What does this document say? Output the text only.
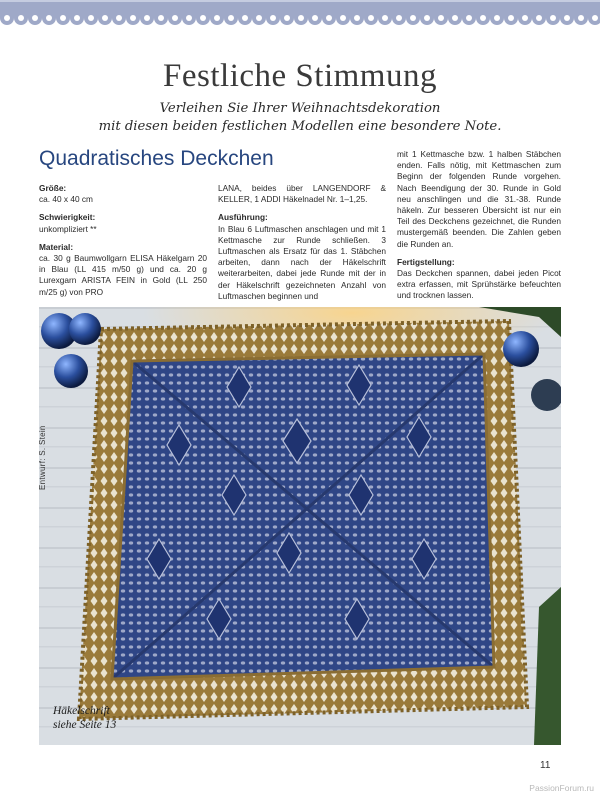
Festliche Stimmung
Verleihen Sie Ihrer Weihnachtsdekoration
mit diesen beiden festlichen Modellen eine besondere Note.
Quadratisches Deckchen

Größe:

ca. 40 x 40 cm

Schwierigkeit:

unkompliziert **

Material:

ca. 30 g Baumwollgarn ELISA Häkelgarn 20 in Blau (LL 415 m/50 g) und ca. 20 g Lurexgarn ARISTA FEIN in Gold (LL 250 m/25 g) von PRO

LANA, beides über LANGENDORF & KELLER, 1 ADDI Häkelnadel Nr. 1–1,25.

Ausführung:

In Blau 6 Luftmaschen anschlagen und mit 1 Kettmasche zur Runde schließen. 3 Luftmaschen als Ersatz für das 1. Stäbchen arbeiten, dann nach der Häkelschrift weiterarbeiten, dabei jede Runde mit der in der Häkelschrift gezeichneten Anzahl von Luftmaschen beginnen und

mit 1 Kettmasche bzw. 1 halben Stäbchen enden. Falls nötig, mit Kettmaschen zum Beginn der folgenden Runde vorgehen. Nach Beendigung der 30. Runde in Gold neu anschlingen und die 31.-38. Runde häkeln. Zur besseren Übersicht ist nur ein Teil des Deckchens gezeichnet, die Runden mustergemäß beenden. Die Zahlen geben die Runden an.

Fertigstellung:

Das Deckchen spannen, dabei jeden Picot extra erfassen, mit Sprühstärke befeuchten und trocknen lassen.

Entwurf: S. Stein
Häkelschrift
siehe Seite 13
11
PassionForum.ru
